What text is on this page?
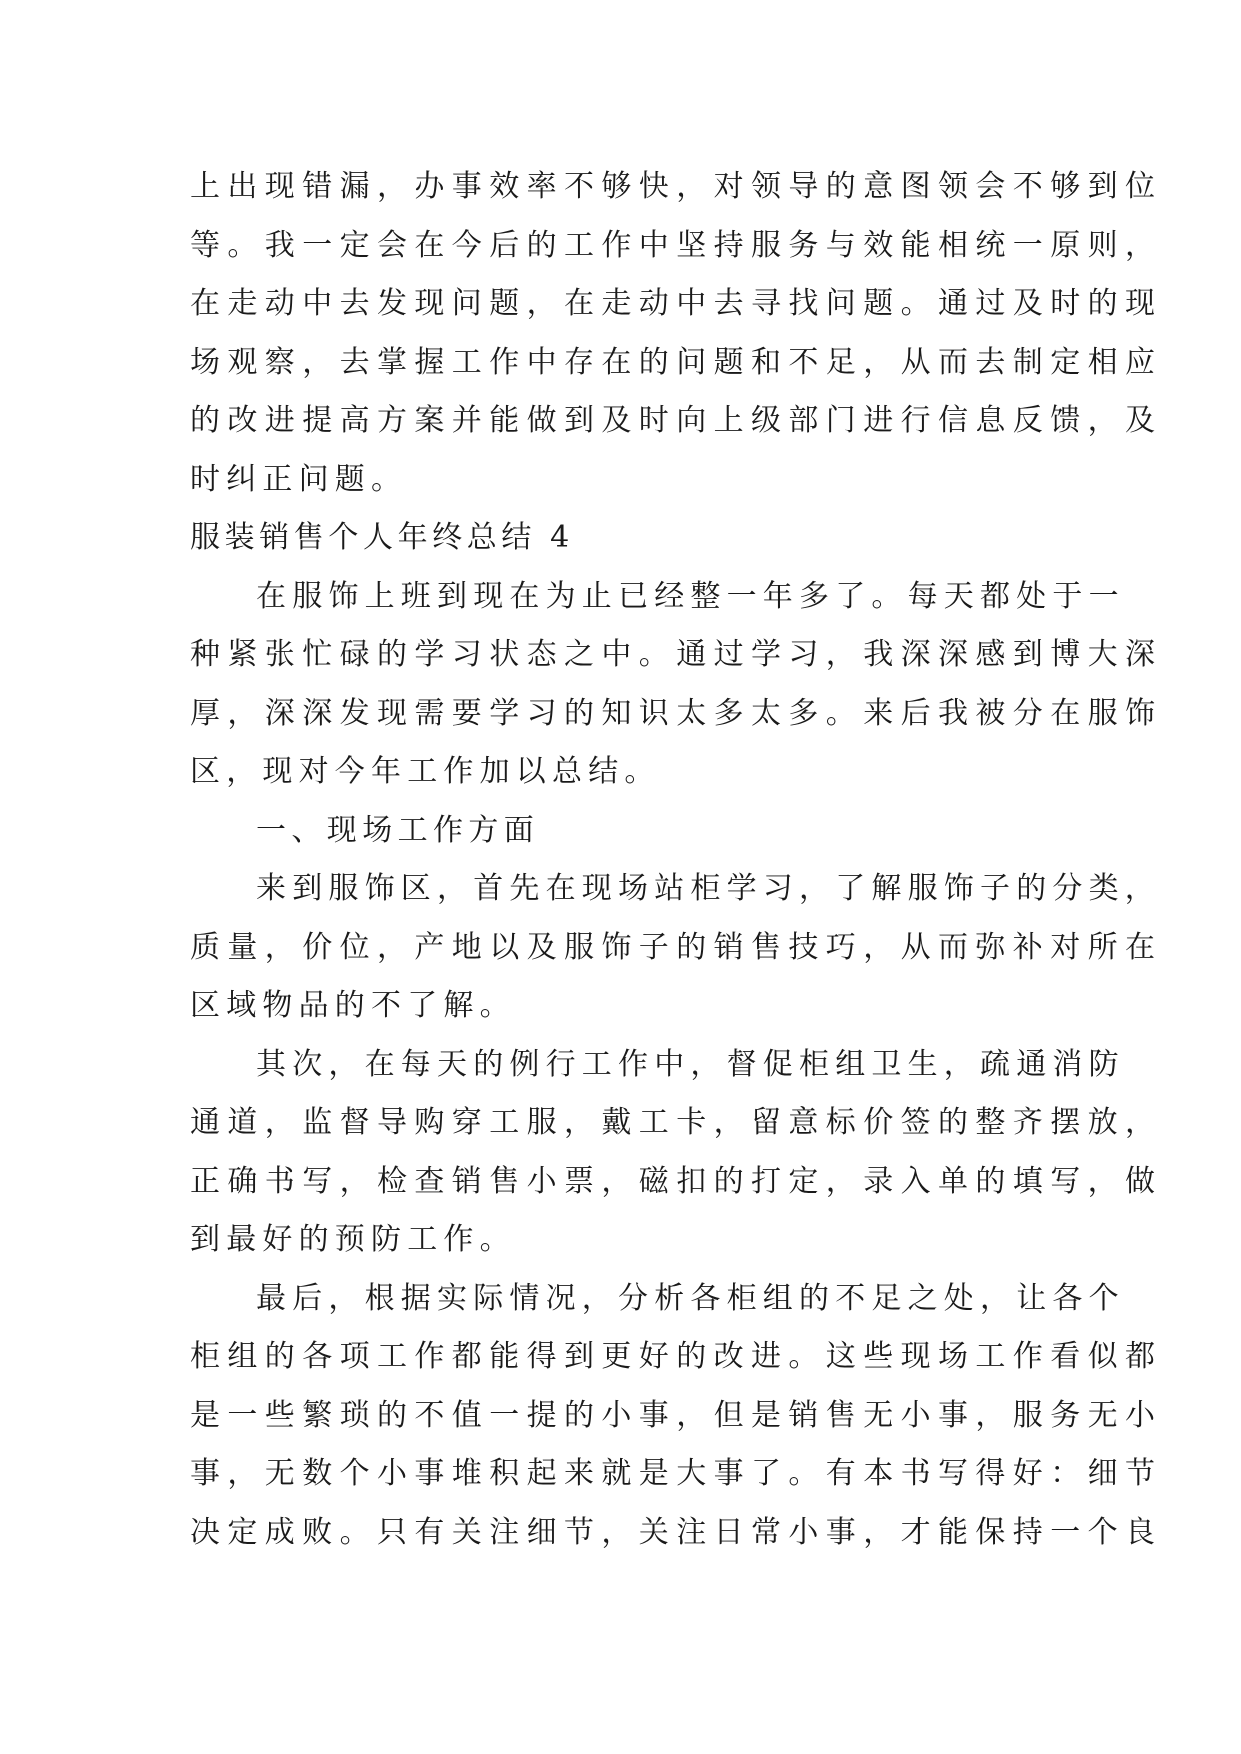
上出现错漏，办事效率不够快，对领导的意图领会不够到位
等。我一定会在今后的工作中坚持服务与效能相统一原则，
在走动中去发现问题，在走动中去寻找问题。通过及时的现
场观察，去掌握工作中存在的问题和不足，从而去制定相应
的改进提高方案并能做到及时向上级部门进行信息反馈，及
时纠正问题。
服装销售个人年终总结 4
在服饰上班到现在为止已经整一年多了。每天都处于一
种紧张忙碌的学习状态之中。通过学习，我深深感到博大深
厚，深深发现需要学习的知识太多太多。来后我被分在服饰
区，现对今年工作加以总结。
一、现场工作方面
来到服饰区，首先在现场站柜学习，了解服饰子的分类，
质量，价位，产地以及服饰子的销售技巧，从而弥补对所在
区域物品的不了解。
其次，在每天的例行工作中，督促柜组卫生，疏通消防
通道，监督导购穿工服，戴工卡，留意标价签的整齐摆放，
正确书写，检查销售小票，磁扣的打定，录入单的填写，做
到最好的预防工作。
最后，根据实际情况，分析各柜组的不足之处，让各个
柜组的各项工作都能得到更好的改进。这些现场工作看似都
是一些繁琐的不值一提的小事，但是销售无小事，服务无小
事，无数个小事堆积起来就是大事了。有本书写得好：细节
决定成败。只有关注细节，关注日常小事，才能保持一个良
